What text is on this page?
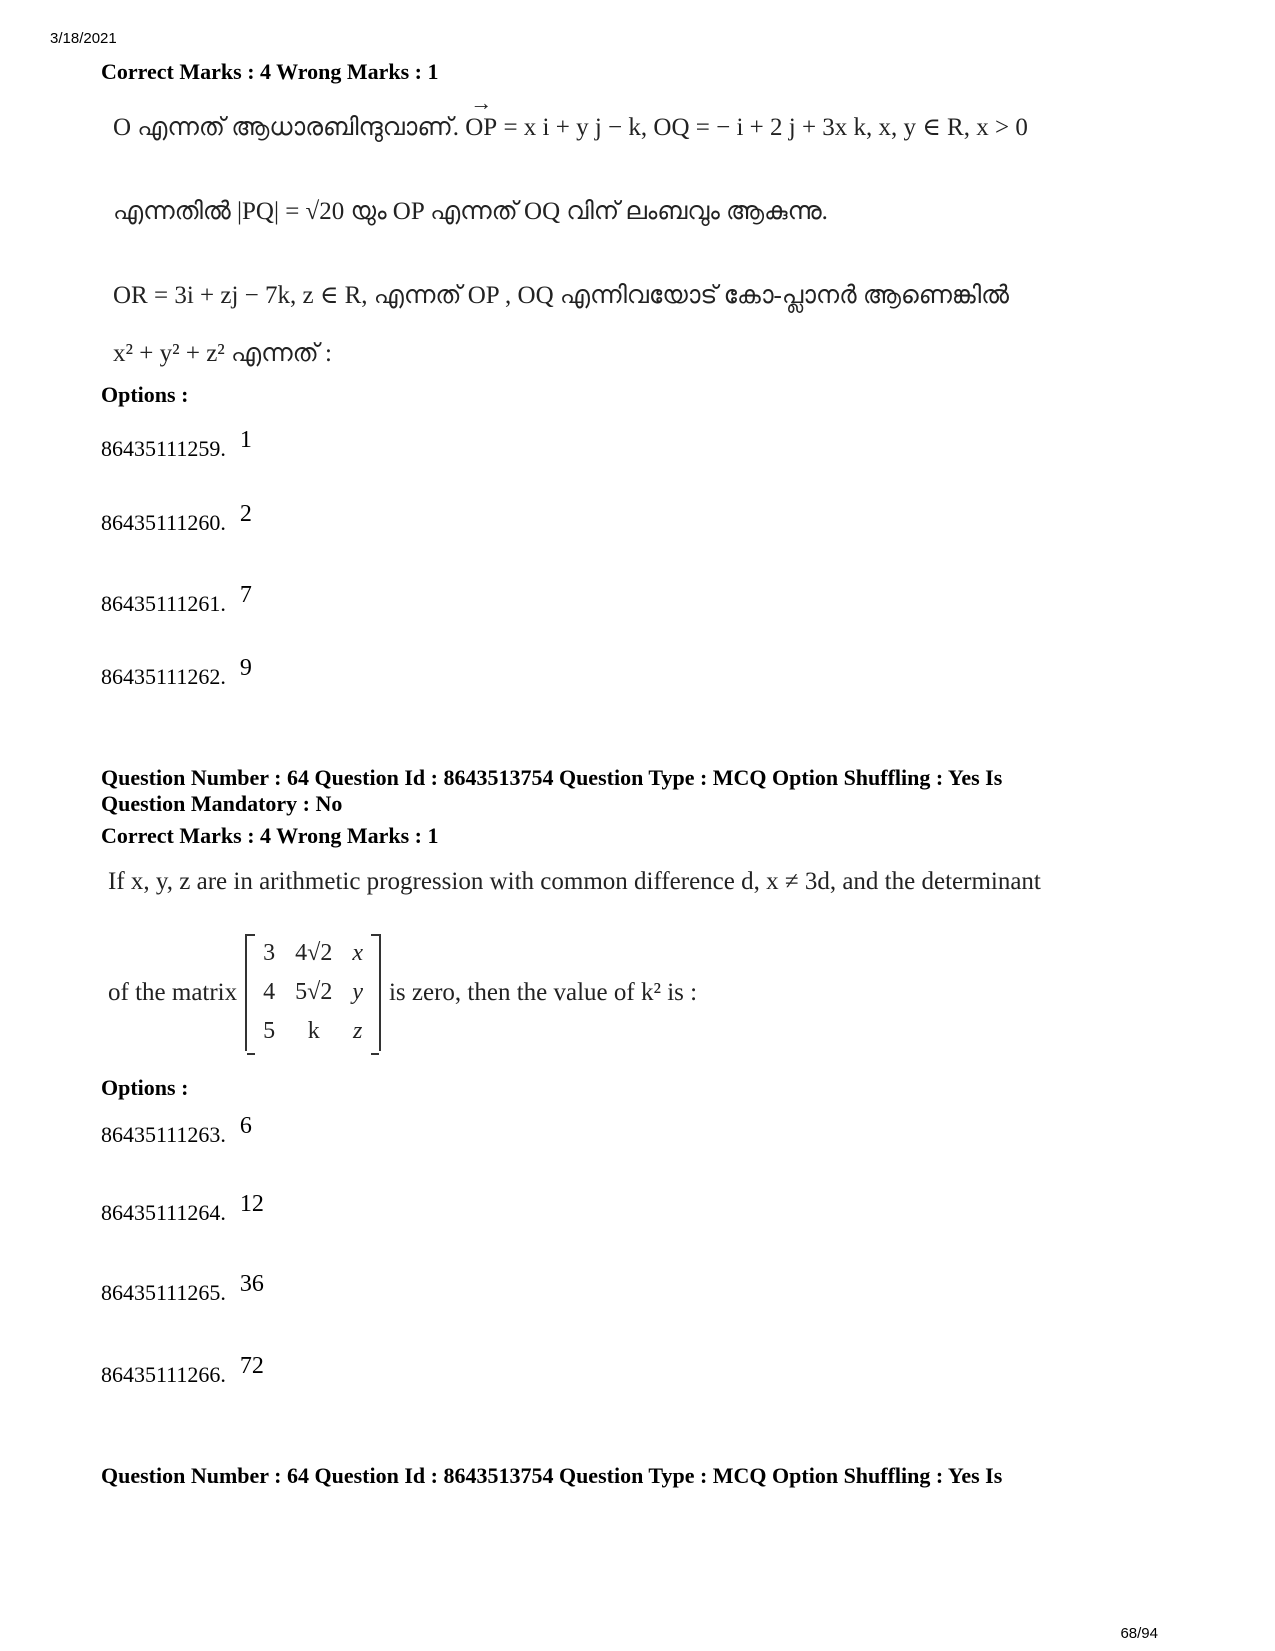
3/18/2021
Correct Marks : 4 Wrong Marks : 1
O എന്നത് ആധാരബിന്ദുവാണ്. → OP = x i + y j − k, OQ = − i + 2 j + 3x k, x, y ∈ R, x > 0
എന്നതിൽ |PQ| = √20 യും OP എന്നത് OQ വിന് ലംബവും ആകുന്നു.
OR = 3i + zj − 7k, z ∈ R, എന്നത് OP , OQ എന്നിവയോട് കോ-പ്ലാനർ ആണെങ്കിൽ
x² + y² + z² എന്നത് :
Options :
86435111259. 1
86435111260. 2
86435111261. 7
86435111262. 9
Question Number : 64 Question Id : 8643513754 Question Type : MCQ Option Shuffling : Yes Is
Question Mandatory : No
Correct Marks : 4 Wrong Marks : 1
If x, y, z are in arithmetic progression with common difference d, x ≠ 3d, and the determinant
of the matrix
3	4√2	x
4	5√2	y
5	k	z
is zero, then the value of k² is :
Options :
86435111263. 6
86435111264. 12
86435111265. 36
86435111266. 72
Question Number : 64 Question Id : 8643513754 Question Type : MCQ Option Shuffling : Yes Is
68/94
